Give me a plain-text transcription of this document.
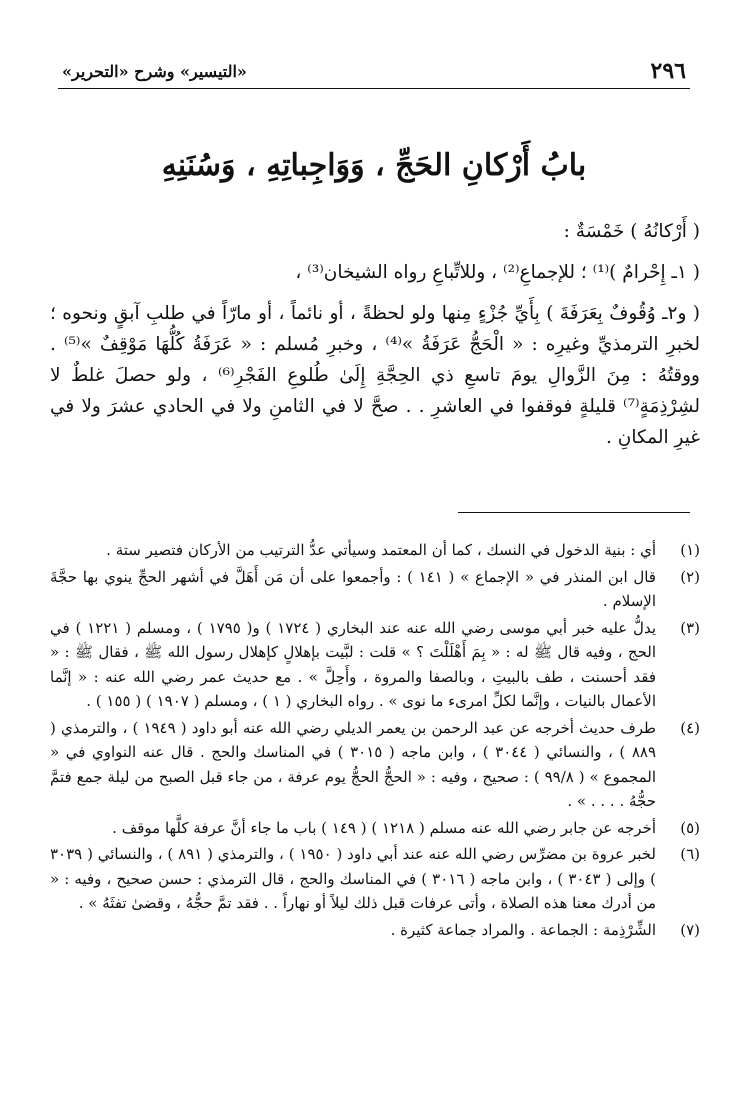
٢٩٦
«التيسير» وشرح «التحرير»
بابُ أَرْكانِ الحَجِّ ، وَوَاجِباتِهِ ، وَسُنَنِهِ

( أَرْكانُهُ ) خَمْسَةٌ :

( ١ـ إِحْرامٌ )⁽¹⁾ ؛ للإجماعِ⁽²⁾ ، وللاتِّباعِ رواه الشيخان⁽³⁾ ،

( و٢ـ وُقُوفٌ بِعَرَفَةَ ) بِأَيِّ جُزْءٍ مِنها ولو لحظةً ، أو نائماً ، أو مارّاً في طلبِ آبقٍ ونحوه ؛ لخبرِ الترمذيِّ وغيرِه : « الْحَجُّ عَرَفَةُ »⁽⁴⁾ ، وخبرِ مُسلم : « عَرَفَةُ كُلُّهَا مَوْقِفٌ »⁽⁵⁾ . ووقتُهُ : مِنَ الزَّوالِ يومَ تاسعِ ذي الحِجَّةِ إِلَىٰ طُلوعِ الفَجْرِ⁽⁶⁾ ، ولو حصلَ غلطٌ لا لشِرْذِمَةٍ⁽⁷⁾ قليلةٍ فوقفوا في العاشرِ . . صحَّ لا في الثامنِ ولا في الحادي عشرَ ولا في غيرِ المكانِ .

(١)
أي : بنية الدخول في النسك ، كما أن المعتمد وسيأتي عدُّ الترتيب من الأركان فتصير ستة .
(٢)
قال ابن المنذر في « الإجماع » ( ١٤١ ) : وأجمعوا على أن مَن أَهَلَّ في أشهر الحجِّ ينوي بها حجَّةَ الإسلام .
(٣)
يدلُّ عليه خبر أبي موسى رضي الله عنه عند البخاري ( ١٧٢٤ ) و( ١٧٩٥ ) ، ومسلم ( ١٢٢١ ) في الحج ، وفيه قال ﷺ له : « بِمَ أَهْلَلْتَ ؟ » قلت : لبَّيت بإهلالٍ كإهلال رسول الله ﷺ ، فقال ﷺ : « فقد أحسنت ، طف بالبيتِ ، وبالصفا والمروة ، وأَحِلَّ » . مع حديث عمر رضي الله عنه : « إنَّما الأعمال بالنيات ، وإنَّما لكلِّ امرىء ما نوى » . رواه البخاري ( ١ ) ، ومسلم ( ١٩٠٧ ) ( ١٥٥ ) .
(٤)
طرف حديث أخرجه عن عبد الرحمن بن يعمر الديلي رضي الله عنه أبو داود ( ١٩٤٩ ) ، والترمذي ( ٨٨٩ ) ، والنسائي ( ٣٠٤٤ ) ، وابن ماجه ( ٣٠١٥ ) في المناسك والحج . قال عنه النواوي في « المجموع » ( ٩٩/٨ ) : صحيح ، وفيه : « الحجُّ الحجُّ يوم عرفة ، من جاء قبل الصبح من ليلة جمع فتمَّ حجُّهُ . . . . » .
(٥)
أخرجه عن جابر رضي الله عنه مسلم ( ١٢١٨ ) ( ١٤٩ ) باب ما جاء أنَّ عرفة كلَّها موقف .
(٦)
لخبر عروة بن مضرِّس رضي الله عنه عند أبي داود ( ١٩٥٠ ) ، والترمذي ( ٨٩١ ) ، والنسائي ( ٣٠٣٩ ) وإلى ( ٣٠٤٣ ) ، وابن ماجه ( ٣٠١٦ ) في المناسك والحج ، قال الترمذي : حسن صحيح ، وفيه : « من أدرك معنا هذه الصلاة ، وأتى عرفات قبل ذلك ليلاً أو نهاراً . . فقد تمَّ حجُّهُ ، وقضىٰ تفثَهُ » .
(٧)
الشِّرْذِمة : الجماعة . والمراد جماعة كثيرة .
